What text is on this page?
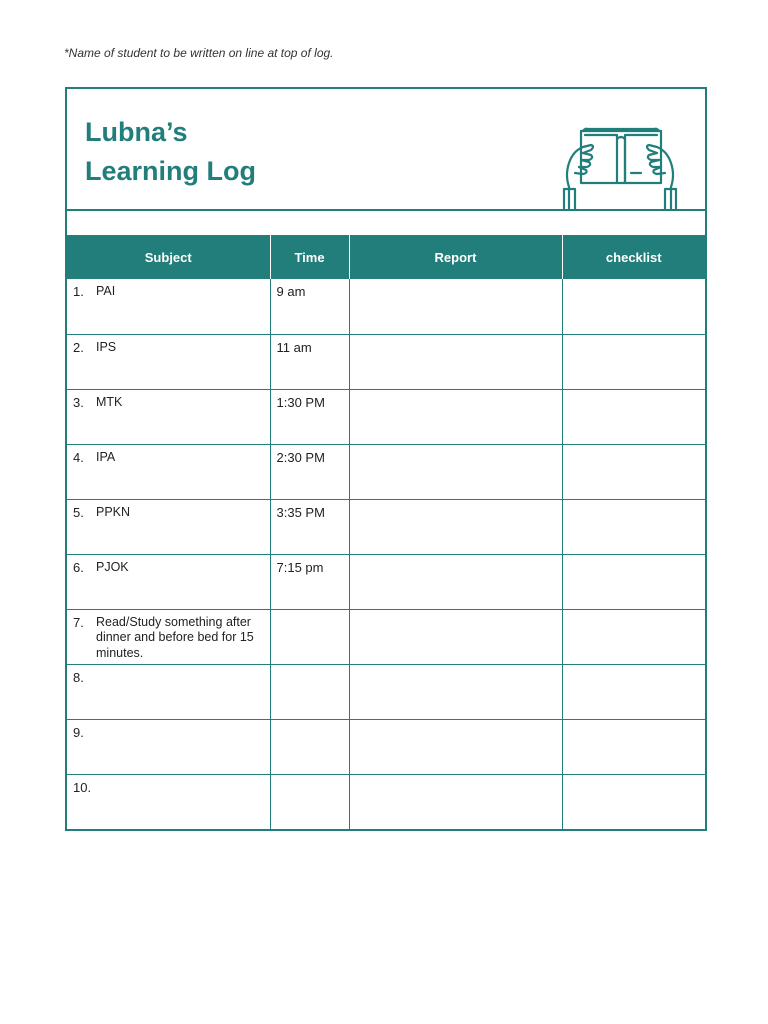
*Name of student to be written on line at top of log.
Lubna’s
Learning Log
Subject	Time	Report	checklist

1. PAI	9 am		

2. IPS	11 am		

3. MTK	1:30 PM		

4. IPA	2:30 PM		

5. PPKN	3:35 PM		

6. PJOK	7:15 pm		

7. Read/Study something after dinner and before bed for 15 minutes.			

8.			

9.			

10.			
